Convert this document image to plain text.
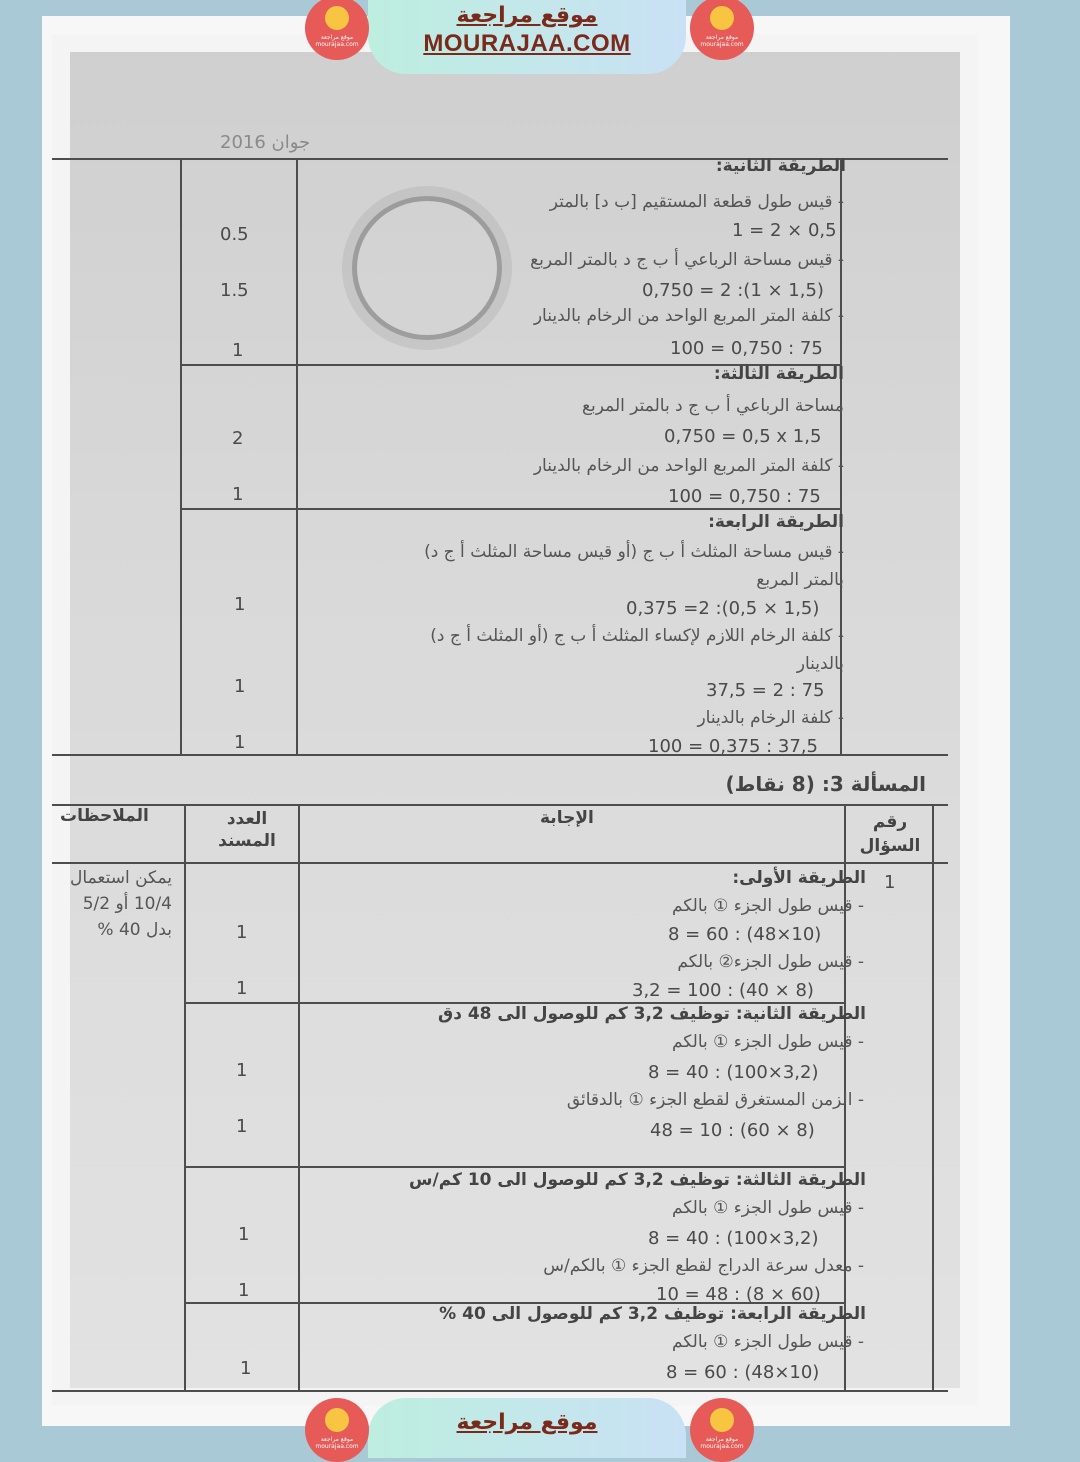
جوان 2016
الطريقة الثانية:
- قيس طول قطعة المستقيم [ب د] بالمتر
1 = 2 × 0,5
- قيس مساحة الرباعي أ ب ج د بالمتر المربع
0,750 = 2 :(1 × 1,5)
- كلفة المتر المربع الواحد من الرخام بالدينار
100 = 0,750 : 75
0.5
1.5
1
الطريقة الثالثة:
مساحة الرباعي أ ب ج د بالمتر المربع
0,750 = 0,5 x 1,5
- كلفة المتر المربع الواحد من الرخام بالدينار
100 = 0,750 : 75
2
1
الطريقة الرابعة:
- قيس مساحة المثلث أ ب ج (أو قيس مساحة المثلث أ ج د)
بالمتر المربع
0,375 =2 :(0,5 × 1,5)
- كلفة الرخام اللازم لإكساء المثلث أ ب ج (أو المثلث أ ج د)
بالدينار
37,5 = 2 : 75
- كلفة الرخام بالدينار
100 = 0,375 : 37,5
1
1
1
المسألة 3: (8 نقاط)
الملاحظات	العدد المسند
الإجابة	رقم السؤال
1
يمكن استعمال
10/4 أو 5/2
بدل 40 %
الطريقة الأولى:
- قيس طول الجزء ① بالكم
8 = 60 : (48×10)
- قيس طول الجزء② بالكم
3,2 = 100 : (40 × 8)
1
1
الطريقة الثانية: توظيف 3,2 كم للوصول الى 48 دق
- قيس طول الجزء ① بالكم
8 = 40 : (100×3,2)
- الزمن المستغرق لقطع الجزء ① بالدقائق
48 = 10 : (60 × 8)
1
1
الطريقة الثالثة: توظيف 3,2 كم للوصول الى 10 كم/س
- قيس طول الجزء ① بالكم
8 = 40 : (100×3,2)
- معدل سرعة الدراج لقطع الجزء ① بالكم/س
10 = 48 : (8 × 60)
1
1
الطريقة الرابعة: توظيف 3,2 كم للوصول الى 40 %
- قيس طول الجزء ① بالكم
8 = 60 : (48×10)
1
موقع مراجعة
MOURAJAA.COM
موقع مراجعة mourajaa.com
موقع مراجعة mourajaa.com
موقع مراجعة
موقع مراجعة mourajaa.com
موقع مراجعة mourajaa.com
